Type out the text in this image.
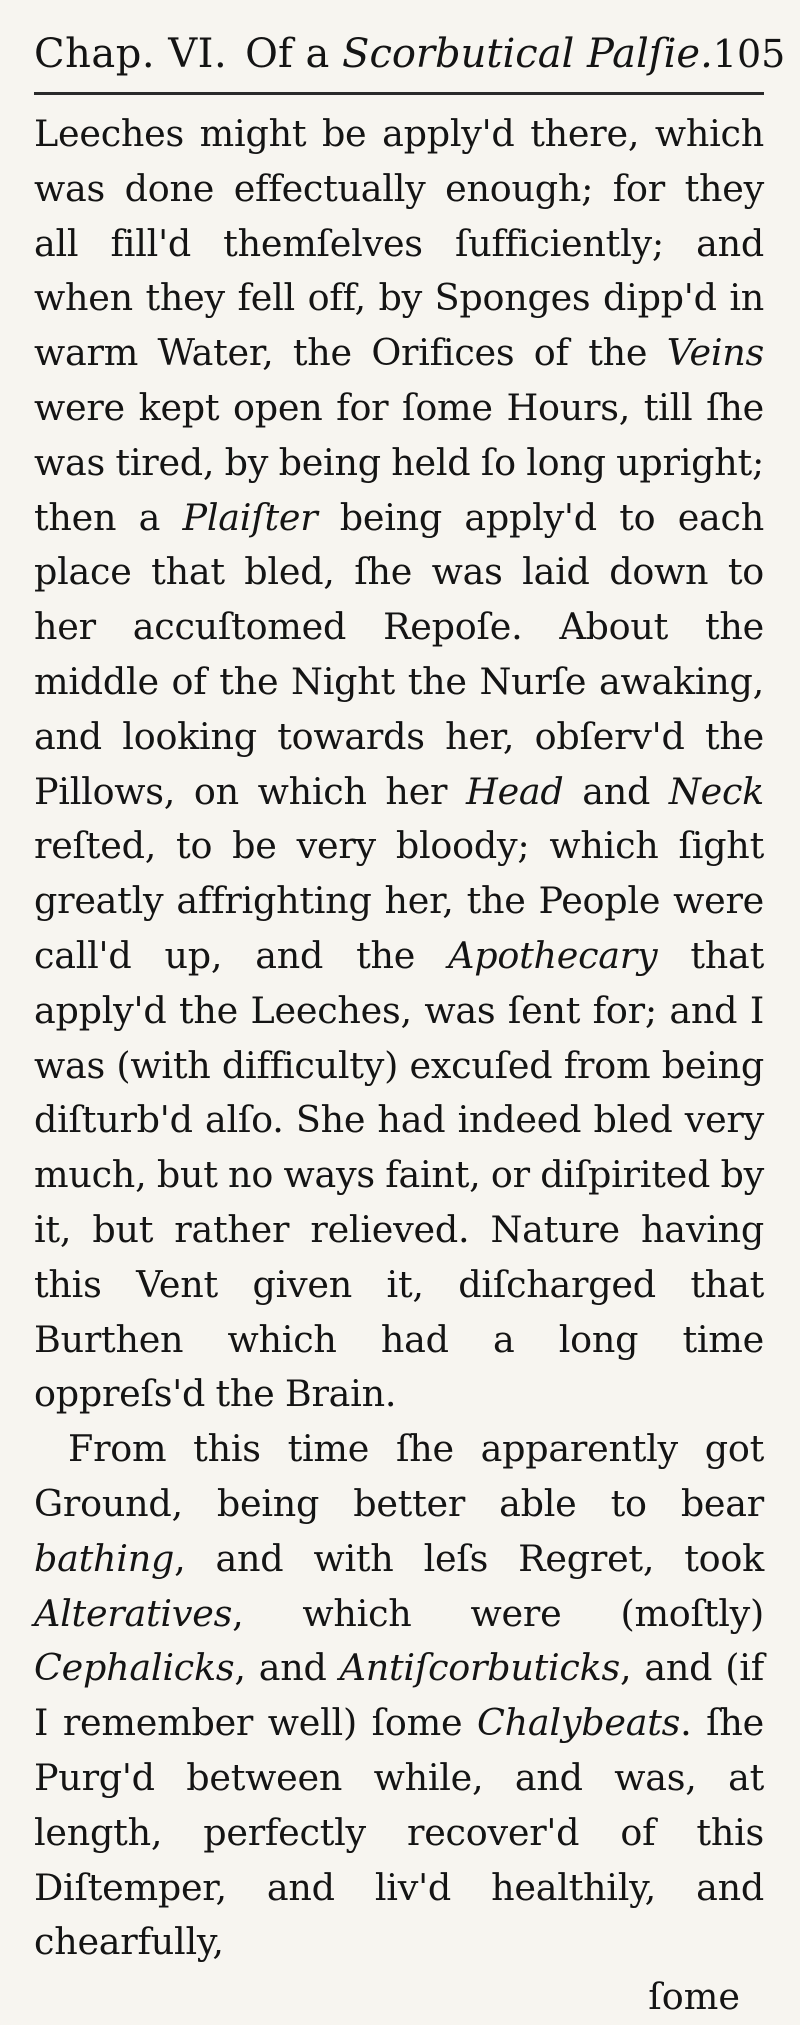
Chap. VI. Of a Scorbutical Palſie. 105

Leeches might be apply'd there, which was done effectually enough; for they all fill'd themſelves ſufficiently; and when they fell off, by Sponges dipp'd in warm Water, the Orifices of the Veins were kept open for ſome Hours, till ſhe was tired, by being held ſo long upright; then a Plaiſter being apply'd to each place that bled, ſhe was laid down to her accuſtomed Repoſe. About the middle of the Night the Nurſe awaking, and looking towards her, obſerv'd the Pillows, on which her Head and Neck reſted, to be very bloody; which ſight greatly affrighting her, the People were call'd up, and the Apothecary that apply'd the Leeches, was ſent for; and I was (with difficulty) excuſed from being diſturb'd alſo. She had indeed bled very much, but no ways faint, or diſpirited by it, but rather relieved. Nature having this Vent given it, diſcharged that Burthen which had a long time oppreſs'd the Brain.

From this time ſhe apparently got Ground, being better able to bear bathing, and with leſs Regret, took Alteratives, which were (moſtly) Cephalicks, and Antiſcorbuticks, and (if I remember well) ſome Chalybeats. ſhe Purg'd between while, and was, at length, perfectly recover'd of this Diſtemper, and liv'd healthily, and chearfully,

ſome
